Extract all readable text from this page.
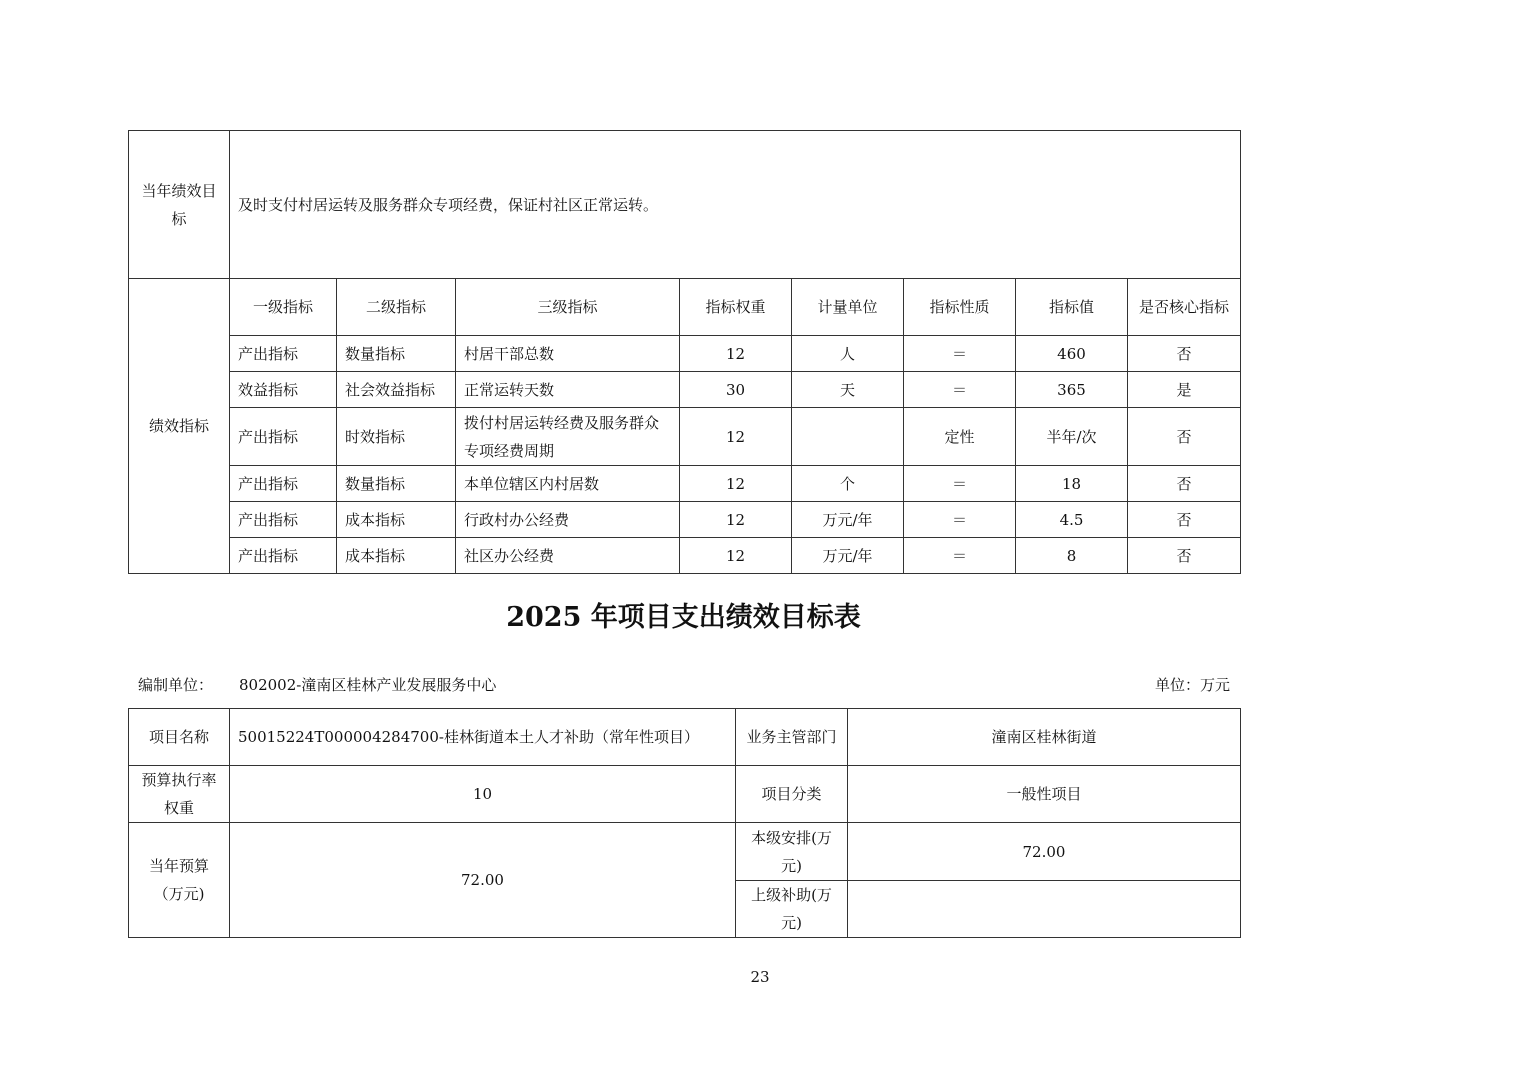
当年绩效目标	及时支付村居运转及服务群众专项经费，保证村社区正常运转。							
绩效指标	一级指标	二级指标	三级指标	指标权重	计量单位	指标性质	指标值	是否核心指标
	产出指标	数量指标	村居干部总数	12	人	＝	460	否
	效益指标	社会效益指标	正常运转天数	30	天	＝	365	是
	产出指标	时效指标	拨付村居运转经费及服务群众专项经费周期	12		定性	半年/次	否
	产出指标	数量指标	本单位辖区内村居数	12	个	＝	18	否
	产出指标	成本指标	行政村办公经费	12	万元/年	＝	4.5	否
	产出指标	成本指标	社区办公经费	12	万元/年	＝	8	否
2025 年项目支出绩效目标表
编制单位： 802002-潼南区桂林产业发展服务中心	单位：万元
项目名称	50015224T000004284700-桂林街道本土人才补助（常年性项目）	业务主管部门	潼南区桂林街道
预算执行率权重	10	项目分类	一般性项目
当年预算（万元)	72.00	本级安排(万元)	72.00
		上级补助(万元)	
23
